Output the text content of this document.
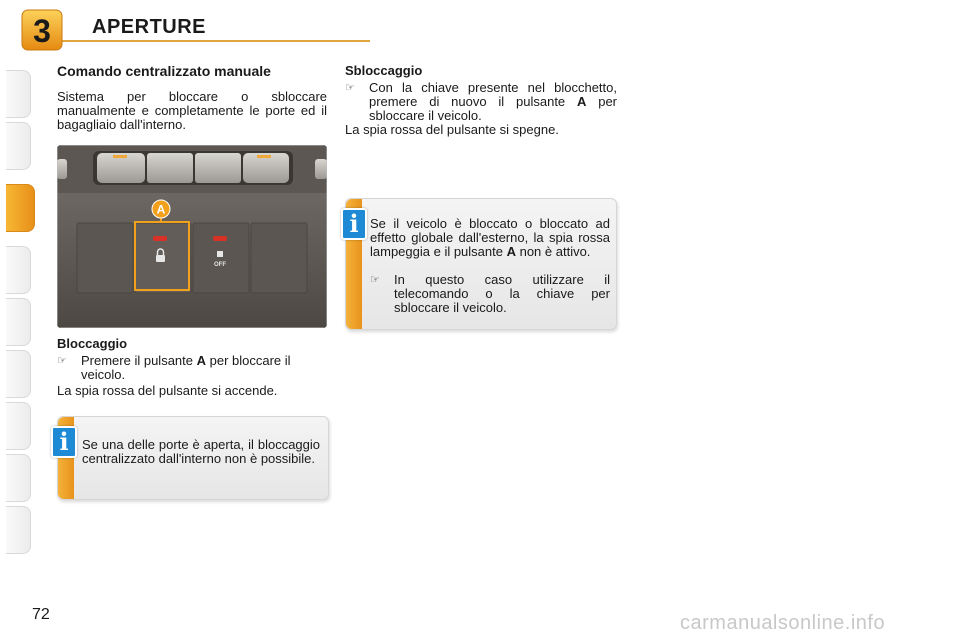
3 APERTURE
Comando centralizzato manuale
Sistema per bloccare o sbloccare manualmente e completamente le porte ed il bagagliaio dall'interno.
OFF
A
Bloccaggio
☞ Premere il pulsante A per bloccare il veicolo.
La spia rossa del pulsante si accende.
Se una delle porte è aperta, il bloccaggio centralizzato dall'interno non è possibile.
i
Sbloccaggio
☞ Con la chiave presente nel blocchetto, premere di nuovo il pulsante A per sbloccare il veicolo.
La spia rossa del pulsante si spegne.
Se il veicolo è bloccato o bloccato ad effetto globale dall'esterno, la spia rossa lampeggia e il pulsante A non è attivo.
☞ In questo caso utilizzare il telecomando o la chiave per sbloccare il veicolo.
i
72	carmanualsonline.info
